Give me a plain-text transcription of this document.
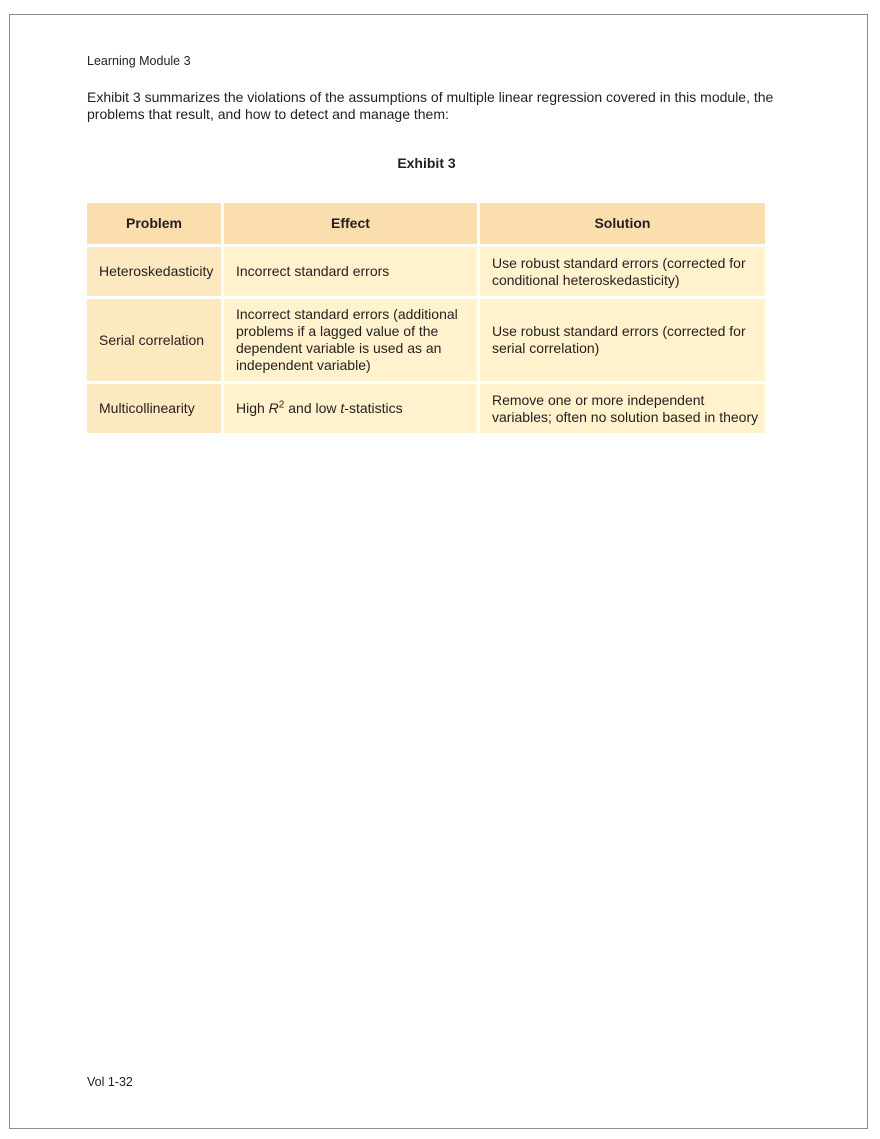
Learning Module 3
Exhibit 3 summarizes the violations of the assumptions of multiple linear regression covered in this module, the problems that result, and how to detect and manage them:
Exhibit 3
Problem	Effect	Solution
Heteroskedasticity	Incorrect standard errors	Use robust standard errors (corrected for conditional heteroskedasticity)
Serial correlation	Incorrect standard errors (additional problems if a lagged value of the dependent variable is used as an independent variable)	Use robust standard errors (corrected for serial correlation)
Multicollinearity	High $R^2$ and low t-statistics	Remove one or more independent variables; often no solution based in theory
Vol 1-32
